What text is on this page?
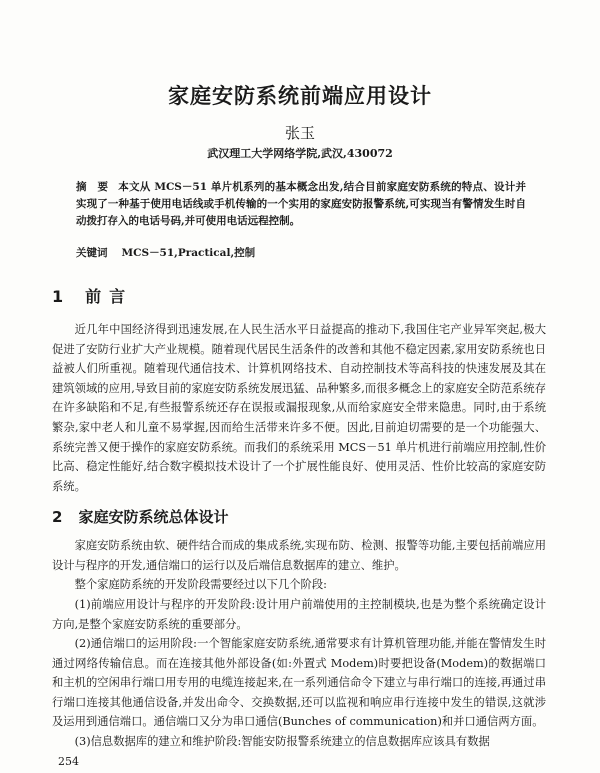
家庭安防系统前端应用设计
张玉
武汉理工大学网络学院,武汉,430072
摘　要 本文从 MCS－51 单片机系列的基本概念出发,结合目前家庭安防系统的特点、设计并实现了一种基于使用电话线或手机传输的一个实用的家庭安防报警系统,可实现当有警情发生时自动拨打存入的电话号码,并可使用电话远程控制。
关键词 MCS－51,Practical,控制
1 前言

近几年中国经济得到迅速发展,在人民生活水平日益提高的推动下,我国住宅产业异军突起,极大促进了安防行业扩大产业规模。随着现代居民生活条件的改善和其他不稳定因素,家用安防系统也日益被人们所重视。随着现代通信技术、计算机网络技术、自动控制技术等高科技的快速发展及其在建筑领域的应用,导致目前的家庭安防系统发展迅猛、品种繁多,而很多概念上的家庭安全防范系统存在许多缺陷和不足,有些报警系统还存在误报或漏报现象,从而给家庭安全带来隐患。同时,由于系统繁杂,家中老人和儿童不易掌握,因而给生活带来许多不便。因此,目前迫切需要的是一个功能强大、系统完善又便于操作的家庭安防系统。而我们的系统采用 MCS－51 单片机进行前端应用控制,性价比高、稳定性能好,结合数字模拟技术设计了一个扩展性能良好、使用灵活、性价比较高的家庭安防系统。

2 家庭安防系统总体设计

家庭安防系统由软、硬件结合而成的集成系统,实现布防、检测、报警等功能,主要包括前端应用设计与程序的开发,通信端口的运行以及后端信息数据库的建立、维护。

整个家庭防系统的开发阶段需要经过以下几个阶段:

(1)前端应用设计与程序的开发阶段:设计用户前端使用的主控制模块,也是为整个系统确定设计方向,是整个家庭安防系统的重要部分。

(2)通信端口的运用阶段:一个智能家庭安防系统,通常要求有计算机管理功能,并能在警情发生时通过网络传输信息。而在连接其他外部设备(如:外置式 Modem)时要把设备(Modem)的数据端口和主机的空闲串行端口用专用的电缆连接起来,在一系列通信命令下建立与串行端口的连接,再通过串行端口连接其他通信设备,并发出命令、交换数据,还可以监视和响应串行连接中发生的错误,这就涉及运用到通信端口。通信端口又分为串口通信(Bunches of communication)和并口通信两方面。

(3)信息数据库的建立和维护阶段:智能安防报警系统建立的信息数据库应该具有数据

254
